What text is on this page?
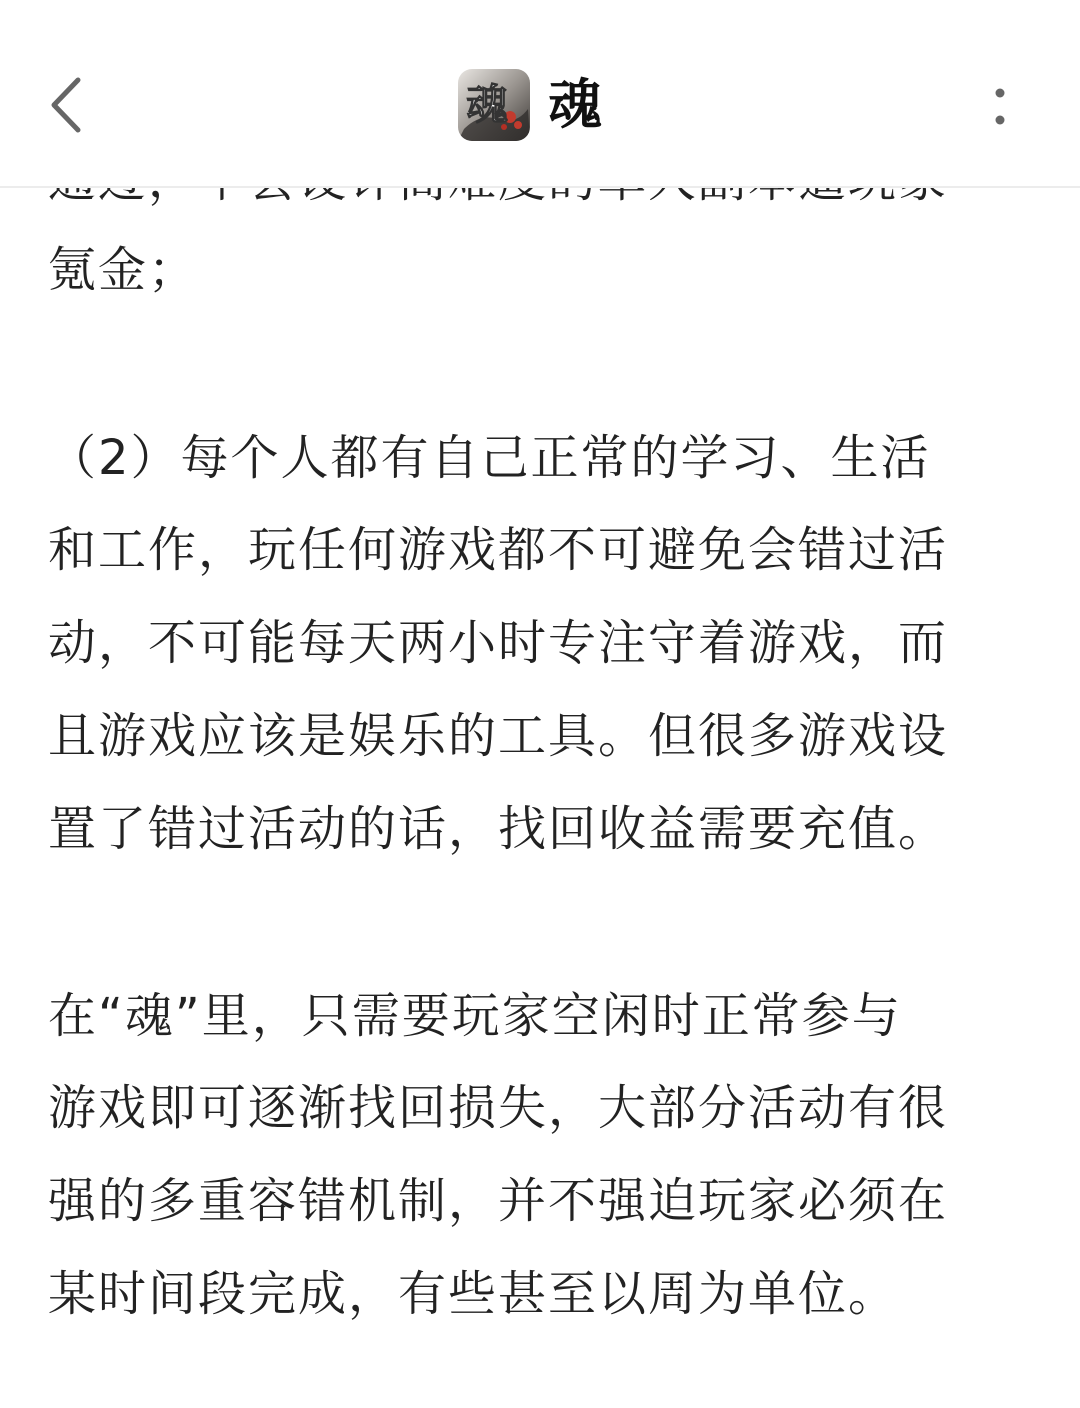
魂 魂
氪金；
（2）每个人都有自己正常的学习、生活
和工作，玩任何游戏都不可避免会错过活
动，不可能每天两小时专注守着游戏，而
且游戏应该是娱乐的工具。但很多游戏设
置了错过活动的话，找回收益需要充值。
在“魂”里，只需要玩家空闲时正常参与
游戏即可逐渐找回损失，大部分活动有很
强的多重容错机制，并不强迫玩家必须在
某时间段完成，有些甚至以周为单位。
